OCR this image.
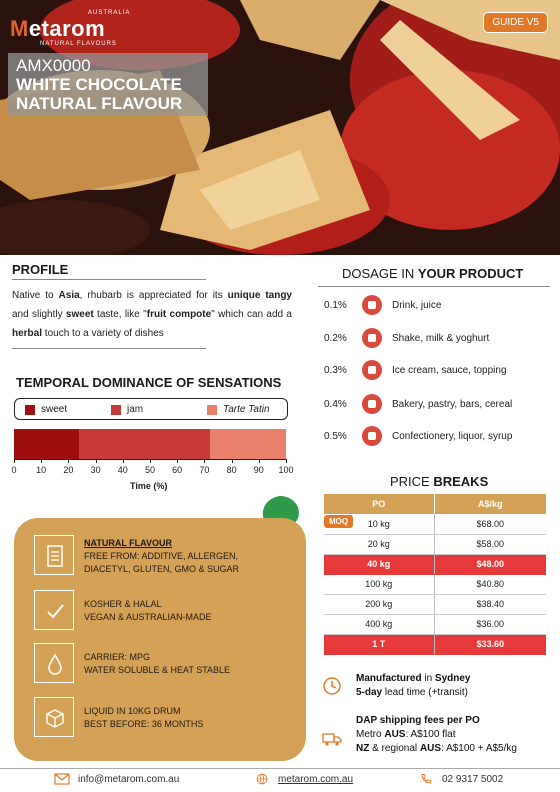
AUSTRALIA
Metarom
NATURAL FLAVOURS
GUIDE V5
AMX0000
WHITE CHOCOLATE
NATURAL FLAVOUR
PROFILE
Native to Asia, rhubarb is appreciated for its unique tangy and slightly sweet taste, like "fruit compote" which can add a herbal touch to a variety of dishes
TEMPORAL DOMINANCE OF SENSATIONS
sweet	jam	Tarte Tatin
0 10 20 30 40 50 60 70 80 90 100
Time (%)
NATURAL FLAVOUR
FREE FROM: ADDITIVE, ALLERGEN,
DIACETYL, GLUTEN, GMO & SUGAR
KOSHER & HALAL
VEGAN & AUSTRALIAN-MADE
CARRIER: MPG
WATER SOLUBLE & HEAT STABLE
LIQUID IN 10KG DRUM
BEST BEFORE: 36 MONTHS
DOSAGE IN YOUR PRODUCT
0.1%	Drink, juice
0.2%	Shake, milk & yoghurt
0.3%	Ice cream, sauce, topping
0.4%	Bakery, pastry, bars, cereal
0.5%	Confectionery, liquor, syrup
PRICE BREAKS
PO	A$/kg
10 kg	$68.00
20 kg	$58.00
40 kg	$48.00
100 kg	$40.80
200 kg	$38.40
400 kg	$36.00
1 T	$33.60
MOQ
Manufactured in Sydney
5-day lead time (+transit)
DAP shipping fees per PO
Metro AUS: A$100 flat
NZ & regional AUS: A$100 + A$5/kg
info@metarom.com.au	metarom.com.au	02 9317 5002
